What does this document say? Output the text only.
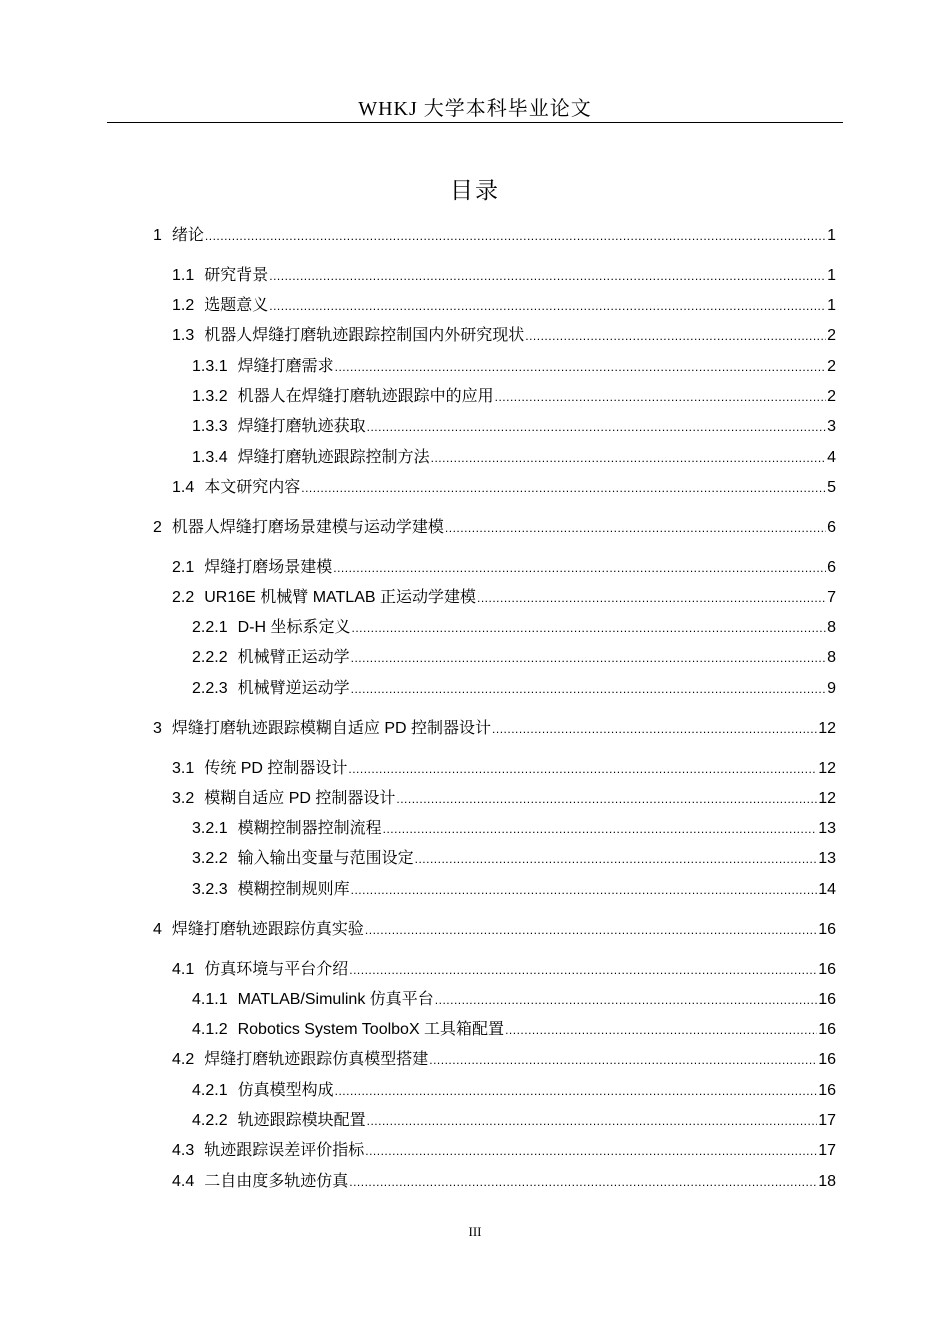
WHKJ 大学本科毕业论文
目录
1 绪论 .....	1
1.1 研究背景 .....	1
1.2 选题意义 .....	1
1.3 机器人焊缝打磨轨迹跟踪控制国内外研究现状 .....	2
1.3.1 焊缝打磨需求 .....	2
1.3.2 机器人在焊缝打磨轨迹跟踪中的应用 .....	2
1.3.3 焊缝打磨轨迹获取 .....	3
1.3.4 焊缝打磨轨迹跟踪控制方法 .....	4
1.4 本文研究内容 .....	5
2 机器人焊缝打磨场景建模与运动学建模 .....	6
2.1 焊缝打磨场景建模 .....	6
2.2 UR16E 机械臂 MATLAB 正运动学建模 .....	7
2.2.1 D-H 坐标系定义 .....	8
2.2.2 机械臂正运动学 .....	8
2.2.3 机械臂逆运动学 .....	9
3 焊缝打磨轨迹跟踪模糊自适应 PD 控制器设计 .....	12
3.1 传统 PD 控制器设计 .....	12
3.2 模糊自适应 PD 控制器设计 .....	12
3.2.1 模糊控制器控制流程 .....	13
3.2.2 输入输出变量与范围设定 .....	13
3.2.3 模糊控制规则库 .....	14
4 焊缝打磨轨迹跟踪仿真实验 .....	16
4.1 仿真环境与平台介绍 .....	16
4.1.1 MATLAB/Simulink 仿真平台 .....	16
4.1.2 Robotics System ToolboX 工具箱配置 .....	16
4.2 焊缝打磨轨迹跟踪仿真模型搭建 .....	16
4.2.1 仿真模型构成 .....	16
4.2.2 轨迹跟踪模块配置 .....	17
4.3 轨迹跟踪误差评价指标 .....	17
4.4 二自由度多轨迹仿真 .....	18
III
